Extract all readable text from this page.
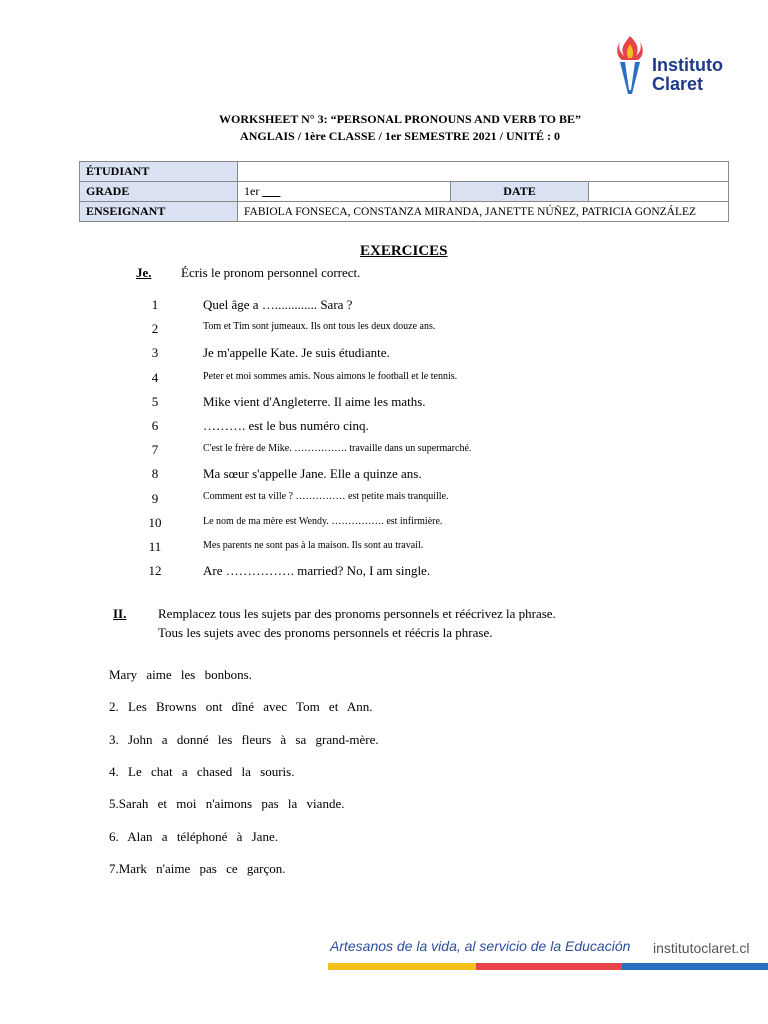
Instituto
Claret
WORKSHEET N° 3: “PERSONAL PRONOUNS AND VERB TO BE”
ANGLAIS / 1ère CLASSE / 1er SEMESTRE 2021 / UNITÉ : 0
ÉTUDIANT			
GRADE	1er ___	DATE	
ENSEIGNANT	FABIOLA FONSECA, CONSTANZA MIRANDA, JANETTE NÚÑEZ, PATRICIA GONZÁLEZ		
EXERCICES
Je. Écris le pronom personnel correct.
1	Quel âge a …............. Sara ?
2	Tom et Tim sont jumeaux. Ils ont tous les deux douze ans.
3	Je m'appelle Kate. Je suis étudiante.
4	Peter et moi sommes amis. Nous aimons le football et le tennis.
5	Mike vient d'Angleterre. Il aime les maths.
6	………. est le bus numéro cinq.
7	C'est le frère de Mike. ……………. travaille dans un supermarché.
8	Ma sœur s'appelle Jane. Elle a quinze ans.
9	Comment est ta ville ? …………… est petite mais tranquille.
10	Le nom de ma mère est Wendy. ……………. est infirmière.
11	Mes parents ne sont pas à la maison. Ils sont au travail.
12	Are ……………. married? No, I am single.
II. Remplacez tous les sujets par des pronoms personnels et réécrivez la phrase.
Tous les sujets avec des pronoms personnels et réécris la phrase.
Mary aime les bonbons.
2. Les Browns ont dîné avec Tom et Ann.
3. John a donné les fleurs à sa grand-mère.
4. Le chat a chased la souris.
5.Sarah et moi n'aimons pas la viande.
6. Alan a téléphoné à Jane.
7.Mark n'aime pas ce garçon.
Artesanos de la vida, al servicio de la Educación institutoclaret.cl
